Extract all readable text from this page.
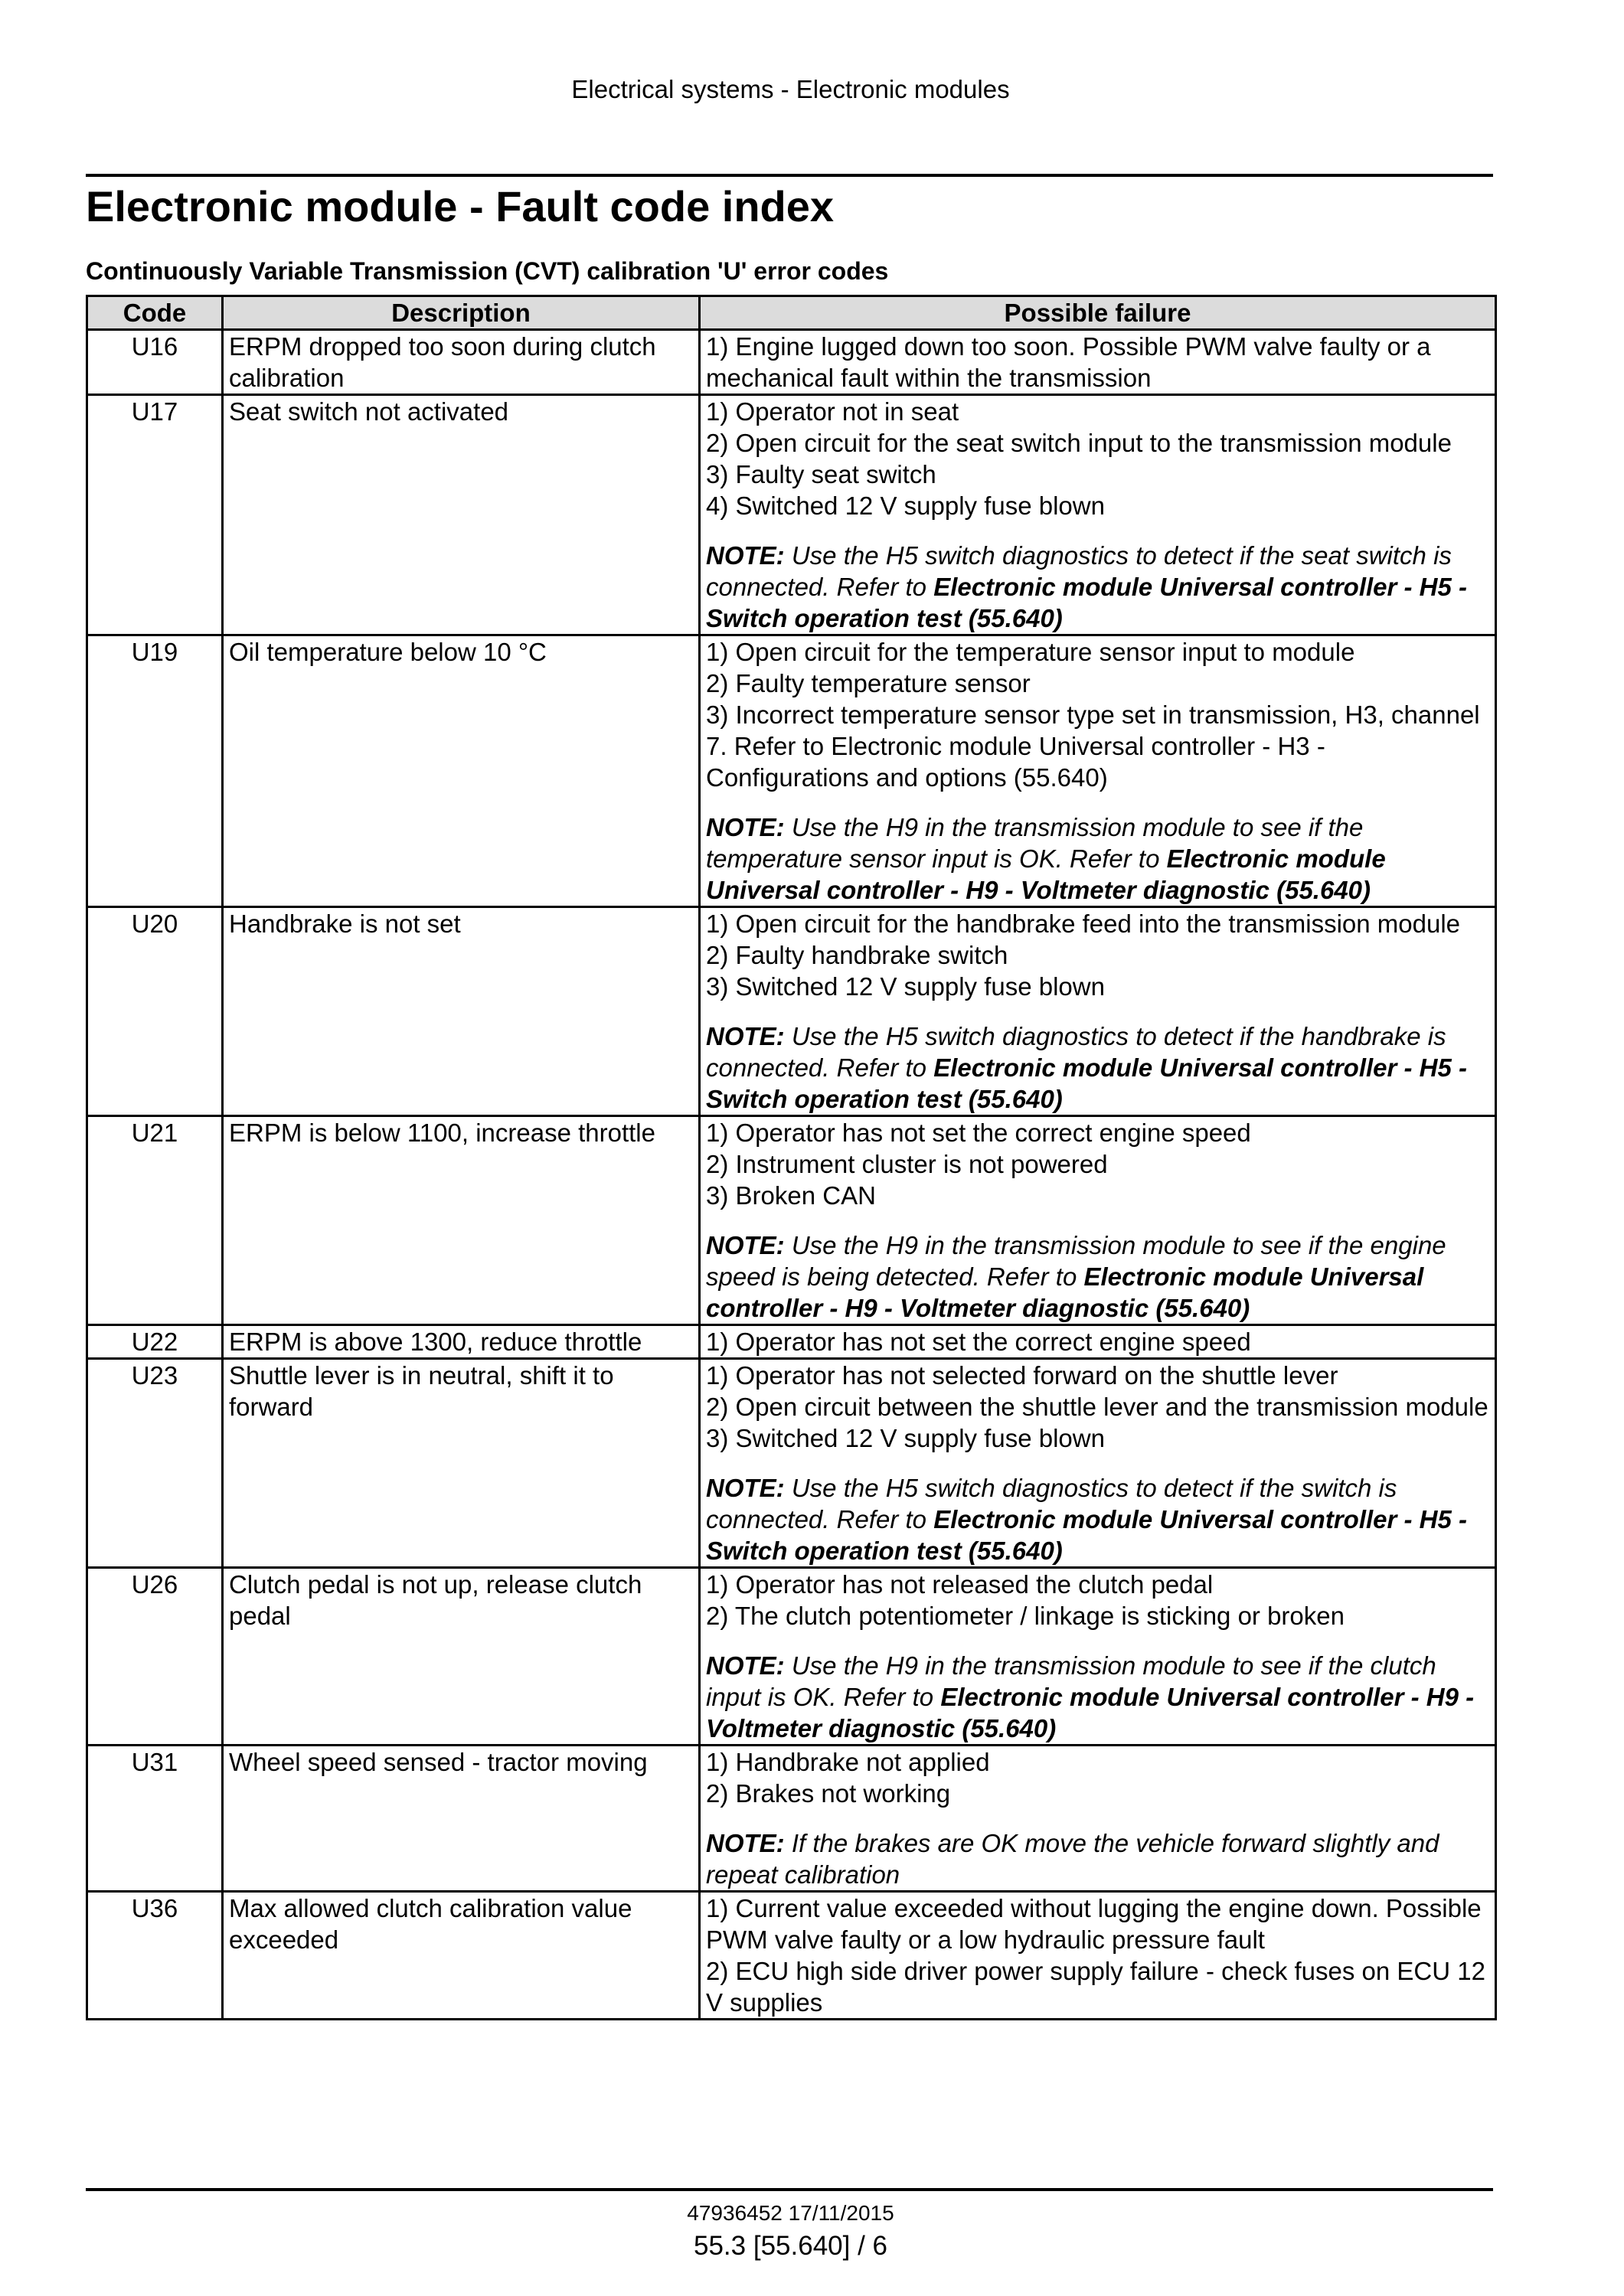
Electrical systems - Electronic modules
Electronic module - Fault code index
Continuously Variable Transmission (CVT) calibration 'U' error codes
Code	Description	Possible failure
U16	ERPM dropped too soon during clutch calibration	1) Engine lugged down too soon. Possible PWM valve faulty or a mechanical fault within the transmission

U17	Seat switch not activated	1) Operator not in seat
2) Open circuit for the seat switch input to the transmission module
3) Faulty seat switch
4) Switched 12 V supply fuse blown
NOTE: Use the H5 switch diagnostics to detect if the seat switch is connected. Refer to Electronic module Universal controller - H5 - Switch operation test (55.640)

U19	Oil temperature below 10 °C	1) Open circuit for the temperature sensor input to module
2) Faulty temperature sensor
3) Incorrect temperature sensor type set in transmission, H3, channel 7. Refer to Electronic module Universal controller - H3 - Configurations and options (55.640)
NOTE: Use the H9 in the transmission module to see if the temperature sensor input is OK. Refer to Electronic module Universal controller - H9 - Voltmeter diagnostic (55.640)

U20	Handbrake is not set	1) Open circuit for the handbrake feed into the transmission module
2) Faulty handbrake switch
3) Switched 12 V supply fuse blown
NOTE: Use the H5 switch diagnostics to detect if the handbrake is connected. Refer to Electronic module Universal controller - H5 - Switch operation test (55.640)

U21	ERPM is below 1100, increase throttle	1) Operator has not set the correct engine speed
2) Instrument cluster is not powered
3) Broken CAN
NOTE: Use the H9 in the transmission module to see if the engine speed is being detected. Refer to Electronic module Universal controller - H9 - Voltmeter diagnostic (55.640)

U22	ERPM is above 1300, reduce throttle	1) Operator has not set the correct engine speed

U23	Shuttle lever is in neutral, shift it to forward	1) Operator has not selected forward on the shuttle lever
2) Open circuit between the shuttle lever and the transmission module
3) Switched 12 V supply fuse blown
NOTE: Use the H5 switch diagnostics to detect if the switch is connected. Refer to Electronic module Universal controller - H5 - Switch operation test (55.640)

U26	Clutch pedal is not up, release clutch pedal	1) Operator has not released the clutch pedal
2) The clutch potentiometer / linkage is sticking or broken
NOTE: Use the H9 in the transmission module to see if the clutch input is OK. Refer to Electronic module Universal controller - H9 - Voltmeter diagnostic (55.640)

U31	Wheel speed sensed - tractor moving	1) Handbrake not applied
2) Brakes not working
NOTE: If the brakes are OK move the vehicle forward slightly and repeat calibration

U36	Max allowed clutch calibration value exceeded	1) Current value exceeded without lugging the engine down. Possible PWM valve faulty or a low hydraulic pressure fault
2) ECU high side driver power supply failure - check fuses on ECU 12 V supplies
47936452 17/11/2015
55.3 [55.640] / 6
